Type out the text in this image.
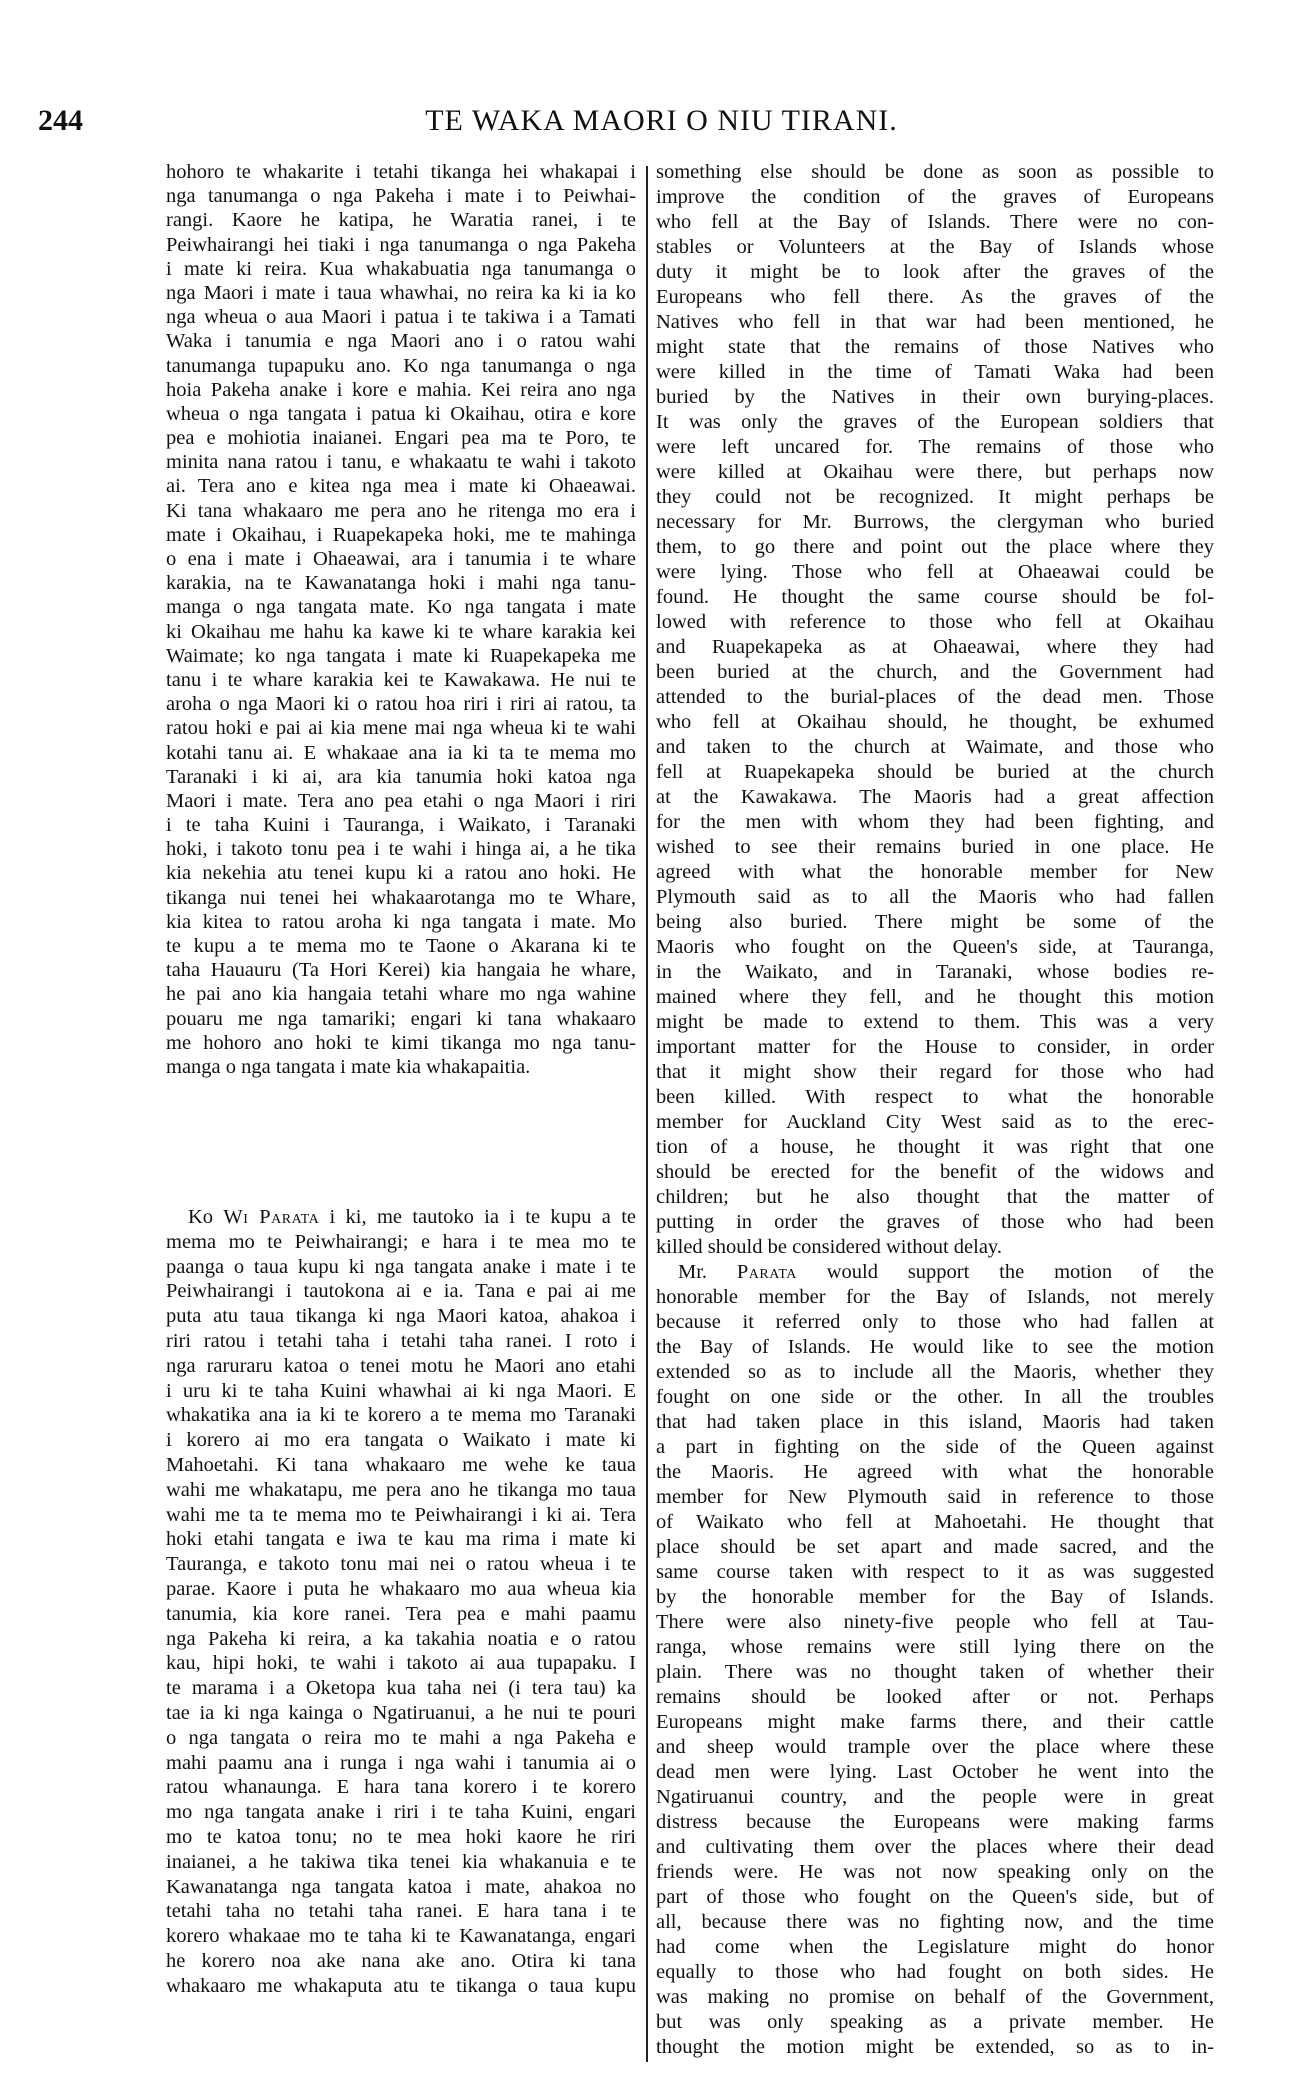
244	TE WAKA MAORI O NIU TIRANI.
hohoro te whakarite i tetahi tikanga hei whakapai i
nga tanumanga o nga Pakeha i mate i to Peiwhai-
rangi. Kaore he katipa, he Waratia ranei, i te
Peiwhairangi hei tiaki i nga tanumanga o nga Pakeha
i mate ki reira. Kua whakabuatia nga tanumanga o
nga Maori i mate i taua whawhai, no reira ka ki ia ko
nga wheua o aua Maori i patua i te takiwa i a Tamati
Waka i tanumia e nga Maori ano i o ratou wahi
tanumanga tupapuku ano. Ko nga tanumanga o nga
hoia Pakeha anake i kore e mahia. Kei reira ano nga
wheua o nga tangata i patua ki Okaihau, otira e kore
pea e mohiotia inaianei. Engari pea ma te Poro, te
minita nana ratou i tanu, e whakaatu te wahi i takoto
ai. Tera ano e kitea nga mea i mate ki Ohaeawai.
Ki tana whakaaro me pera ano he ritenga mo era i
mate i Okaihau, i Ruapekapeka hoki, me te mahinga
o ena i mate i Ohaeawai, ara i tanumia i te whare
karakia, na te Kawanatanga hoki i mahi nga tanu-
manga o nga tangata mate. Ko nga tangata i mate
ki Okaihau me hahu ka kawe ki te whare karakia kei
Waimate; ko nga tangata i mate ki Ruapekapeka me
tanu i te whare karakia kei te Kawakawa. He nui te
aroha o nga Maori ki o ratou hoa riri i riri ai ratou, ta
ratou hoki e pai ai kia mene mai nga wheua ki te wahi
kotahi tanu ai. E whakaae ana ia ki ta te mema mo
Taranaki i ki ai, ara kia tanumia hoki katoa nga
Maori i mate. Tera ano pea etahi o nga Maori i riri
i te taha Kuini i Tauranga, i Waikato, i Taranaki
hoki, i takoto tonu pea i te wahi i hinga ai, a he tika
kia nekehia atu tenei kupu ki a ratou ano hoki. He
tikanga nui tenei hei whakaarotanga mo te Whare,
kia kitea to ratou aroha ki nga tangata i mate. Mo
te kupu a te mema mo te Taone o Akarana ki te
taha Hauauru (Ta Hori Kerei) kia hangaia he whare,
he pai ano kia hangaia tetahi whare mo nga wahine
pouaru me nga tamariki; engari ki tana whakaaro
me hohoro ano hoki te kimi tikanga mo nga tanu-
manga o nga tangata i mate kia whakapaitia.
Ko Wi Parata i ki, me tautoko ia i te kupu a te
mema mo te Peiwhairangi; e hara i te mea mo te
paanga o taua kupu ki nga tangata anake i mate i te
Peiwhairangi i tautokona ai e ia. Tana e pai ai me
puta atu taua tikanga ki nga Maori katoa, ahakoa i
riri ratou i tetahi taha i tetahi taha ranei. I roto i
nga raruraru katoa o tenei motu he Maori ano etahi
i uru ki te taha Kuini whawhai ai ki nga Maori. E
whakatika ana ia ki te korero a te mema mo Taranaki
i korero ai mo era tangata o Waikato i mate ki
Mahoetahi. Ki tana whakaaro me wehe ke taua
wahi me whakatapu, me pera ano he tikanga mo taua
wahi me ta te mema mo te Peiwhairangi i ki ai. Tera
hoki etahi tangata e iwa te kau ma rima i mate ki
Tauranga, e takoto tonu mai nei o ratou wheua i te
parae. Kaore i puta he whakaaro mo aua wheua kia
tanumia, kia kore ranei. Tera pea e mahi paamu
nga Pakeha ki reira, a ka takahia noatia e o ratou
kau, hipi hoki, te wahi i takoto ai aua tupapaku. I
te marama i a Oketopa kua taha nei (i tera tau) ka
tae ia ki nga kainga o Ngatiruanui, a he nui te pouri
o nga tangata o reira mo te mahi a nga Pakeha e
mahi paamu ana i runga i nga wahi i tanumia ai o
ratou whanaunga. E hara tana korero i te korero
mo nga tangata anake i riri i te taha Kuini, engari
mo te katoa tonu; no te mea hoki kaore he riri
inaianei, a he takiwa tika tenei kia whakanuia e te
Kawanatanga nga tangata katoa i mate, ahakoa no
tetahi taha no tetahi taha ranei. E hara tana i te
korero whakaae mo te taha ki te Kawanatanga, engari
he korero noa ake nana ake ano. Otira ki tana
whakaaro me whakaputa atu te tikanga o taua kupu
something else should be done as soon as possible to
improve the condition of the graves of Europeans
who fell at the Bay of Islands. There were no con-
stables or Volunteers at the Bay of Islands whose
duty it might be to look after the graves of the
Europeans who fell there. As the graves of the
Natives who fell in that war had been mentioned, he
might state that the remains of those Natives who
were killed in the time of Tamati Waka had been
buried by the Natives in their own burying-places.
It was only the graves of the European soldiers that
were left uncared for. The remains of those who
were killed at Okaihau were there, but perhaps now
they could not be recognized. It might perhaps be
necessary for Mr. Burrows, the clergyman who buried
them, to go there and point out the place where they
were lying. Those who fell at Ohaeawai could be
found. He thought the same course should be fol-
lowed with reference to those who fell at Okaihau
and Ruapekapeka as at Ohaeawai, where they had
been buried at the church, and the Government had
attended to the burial-places of the dead men. Those
who fell at Okaihau should, he thought, be exhumed
and taken to the church at Waimate, and those who
fell at Ruapekapeka should be buried at the church
at the Kawakawa. The Maoris had a great affection
for the men with whom they had been fighting, and
wished to see their remains buried in one place. He
agreed with what the honorable member for New
Plymouth said as to all the Maoris who had fallen
being also buried. There might be some of the
Maoris who fought on the Queen's side, at Tauranga,
in the Waikato, and in Taranaki, whose bodies re-
mained where they fell, and he thought this motion
might be made to extend to them. This was a very
important matter for the House to consider, in order
that it might show their regard for those who had
been killed. With respect to what the honorable
member for Auckland City West said as to the erec-
tion of a house, he thought it was right that one
should be erected for the benefit of the widows and
children; but he also thought that the matter of
putting in order the graves of those who had been
killed should be considered without delay.
Mr. Parata would support the motion of the
honorable member for the Bay of Islands, not merely
because it referred only to those who had fallen at
the Bay of Islands. He would like to see the motion
extended so as to include all the Maoris, whether they
fought on one side or the other. In all the troubles
that had taken place in this island, Maoris had taken
a part in fighting on the side of the Queen against
the Maoris. He agreed with what the honorable
member for New Plymouth said in reference to those
of Waikato who fell at Mahoetahi. He thought that
place should be set apart and made sacred, and the
same course taken with respect to it as was suggested
by the honorable member for the Bay of Islands.
There were also ninety-five people who fell at Tau-
ranga, whose remains were still lying there on the
plain. There was no thought taken of whether their
remains should be looked after or not. Perhaps
Europeans might make farms there, and their cattle
and sheep would trample over the place where these
dead men were lying. Last October he went into the
Ngatiruanui country, and the people were in great
distress because the Europeans were making farms
and cultivating them over the places where their dead
friends were. He was not now speaking only on the
part of those who fought on the Queen's side, but of
all, because there was no fighting now, and the time
had come when the Legislature might do honor
equally to those who had fought on both sides. He
was making no promise on behalf of the Government,
but was only speaking as a private member. He
thought the motion might be extended, so as to in-
